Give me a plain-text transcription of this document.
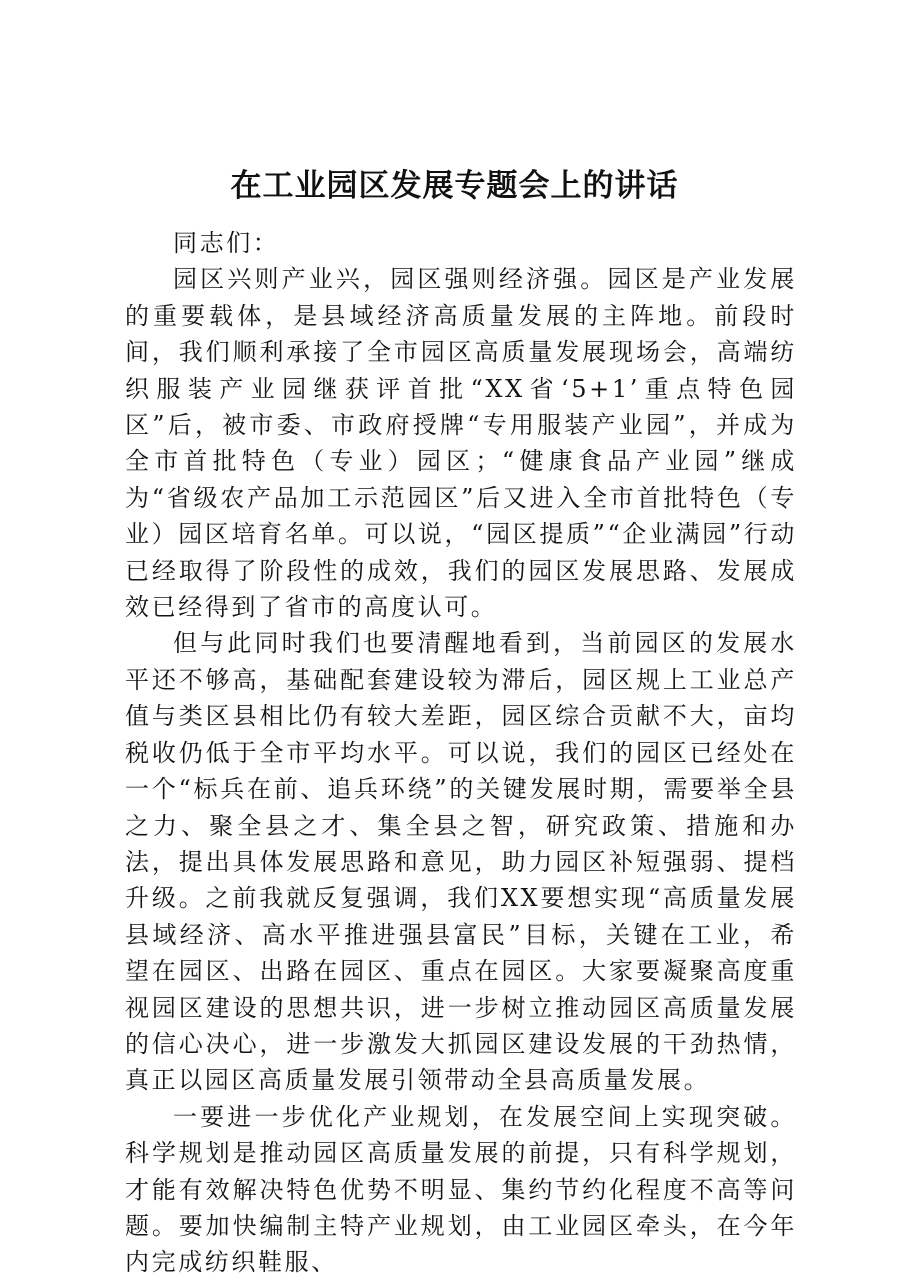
在工业园区发展专题会上的讲话

同志们：

园区兴则产业兴，园区强则经济强。园区是产业发展的重要载体，是县域经济高质量发展的主阵地。前段时间，我们顺利承接了全市园区高质量发展现场会，高端纺织服装产业园继获评首批“XX省‘5+1’重点特色园区”后，被市委、市政府授牌“专用服装产业园”，并成为全市首批特色（专业）园区；“健康食品产业园”继成为“省级农产品加工示范园区”后又进入全市首批特色（专业）园区培育名单。可以说，“园区提质”“企业满园”行动已经取得了阶段性的成效，我们的园区发展思路、发展成效已经得到了省市的高度认可。

但与此同时我们也要清醒地看到，当前园区的发展水平还不够高，基础配套建设较为滞后，园区规上工业总产值与类区县相比仍有较大差距，园区综合贡献不大，亩均税收仍低于全市平均水平。可以说，我们的园区已经处在一个“标兵在前、追兵环绕”的关键发展时期，需要举全县之力、聚全县之才、集全县之智，研究政策、措施和办法，提出具体发展思路和意见，助力园区补短强弱、提档升级。之前我就反复强调，我们XX要想实现“高质量发展县域经济、高水平推进强县富民”目标，关键在工业，希望在园区、出路在园区、重点在园区。大家要凝聚高度重视园区建设的思想共识，进一步树立推动园区高质量发展的信心决心，进一步激发大抓园区建设发展的干劲热情，真正以园区高质量发展引领带动全县高质量发展。

一要进一步优化产业规划，在发展空间上实现突破。科学规划是推动园区高质量发展的前提，只有科学规划，才能有效解决特色优势不明显、集约节约化程度不高等问题。要加快编制主特产业规划，由工业园区牵头，在今年内完成纺织鞋服、
